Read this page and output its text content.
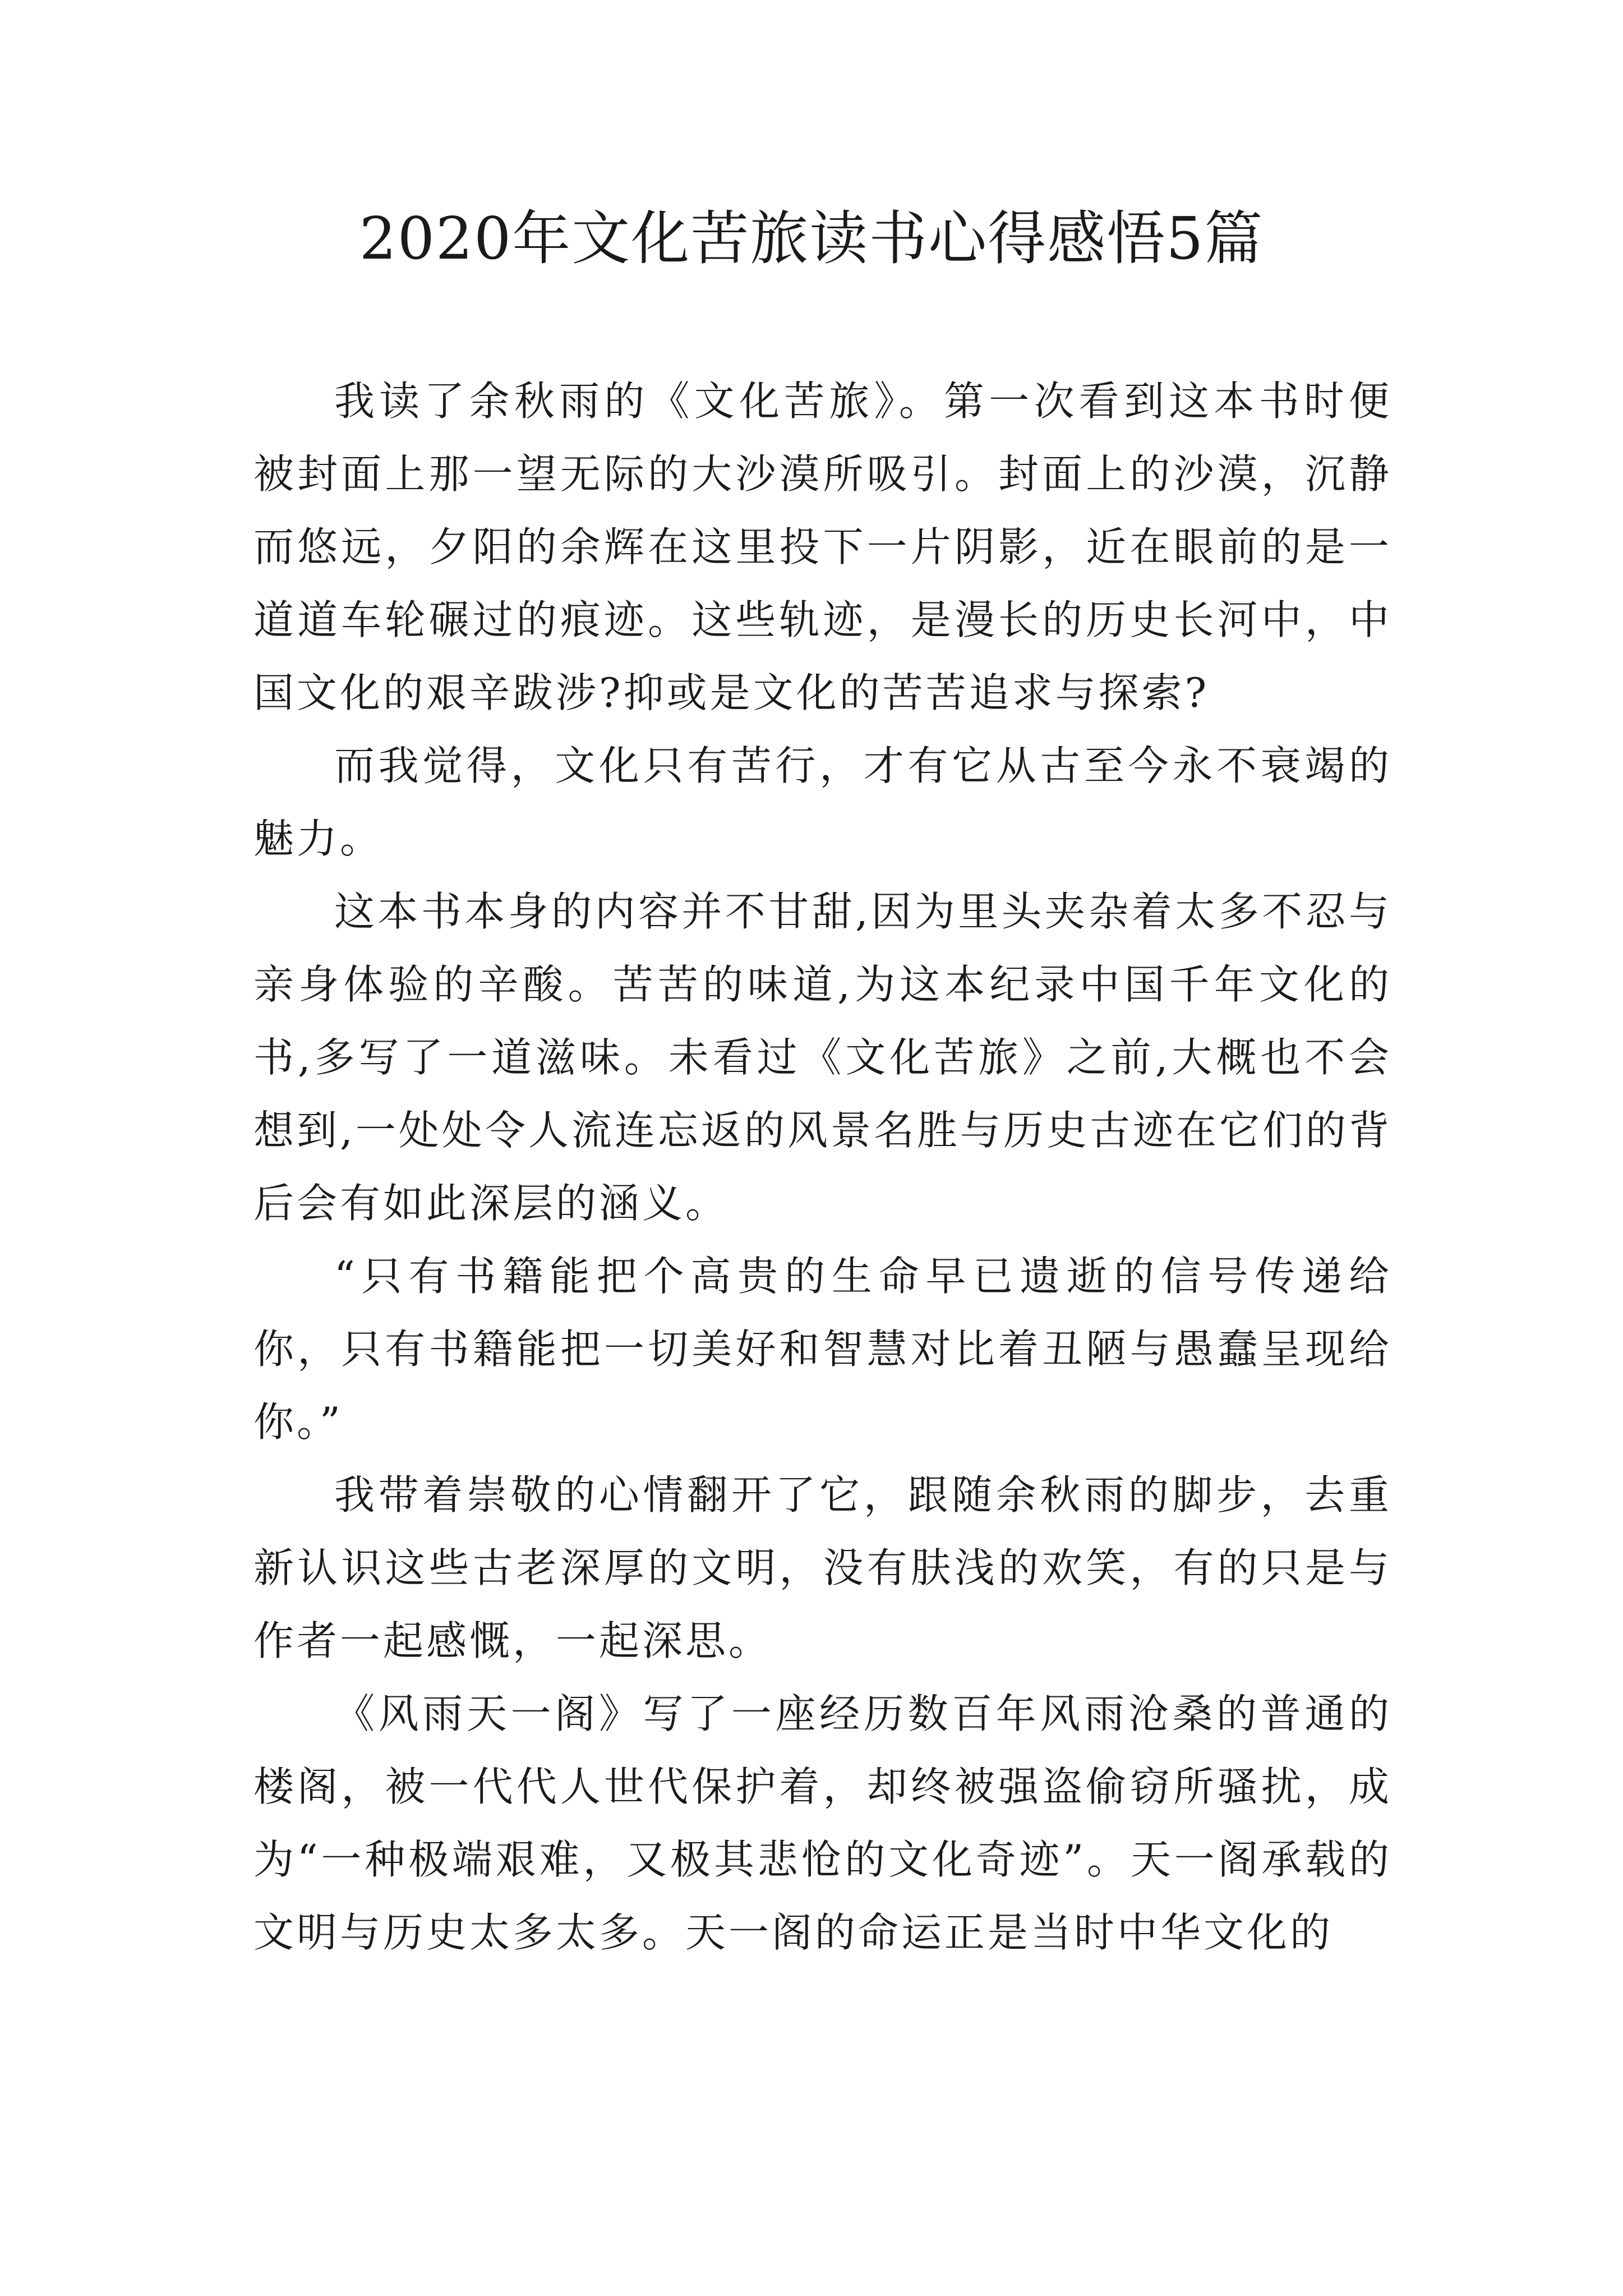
2020年文化苦旅读书心得感悟5篇

我读了余秋雨的《文化苦旅》。第一次看到这本书时便被封面上那一望无际的大沙漠所吸引。封面上的沙漠，沉静而悠远，夕阳的余辉在这里投下一片阴影，近在眼前的是一道道车轮碾过的痕迹。这些轨迹，是漫长的历史长河中，中国文化的艰辛跋涉?抑或是文化的苦苦追求与探索?

而我觉得，文化只有苦行，才有它从古至今永不衰竭的魅力。

这本书本身的内容并不甘甜,因为里头夹杂着太多不忍与亲身体验的辛酸。苦苦的味道,为这本纪录中国千年文化的书,多写了一道滋味。未看过《文化苦旅》之前,大概也不会想到,一处处令人流连忘返的风景名胜与历史古迹在它们的背后会有如此深层的涵义。

“只有书籍能把个高贵的生命早已遗逝的信号传递给你，只有书籍能把一切美好和智慧对比着丑陋与愚蠢呈现给你。”

我带着崇敬的心情翻开了它，跟随余秋雨的脚步，去重新认识这些古老深厚的文明，没有肤浅的欢笑，有的只是与作者一起感慨，一起深思。

《风雨天一阁》写了一座经历数百年风雨沧桑的普通的楼阁，被一代代人世代保护着，却终被强盗偷窃所骚扰，成为“一种极端艰难，又极其悲怆的文化奇迹”。天一阁承载的文明与历史太多太多。天一阁的命运正是当时中华文化的
